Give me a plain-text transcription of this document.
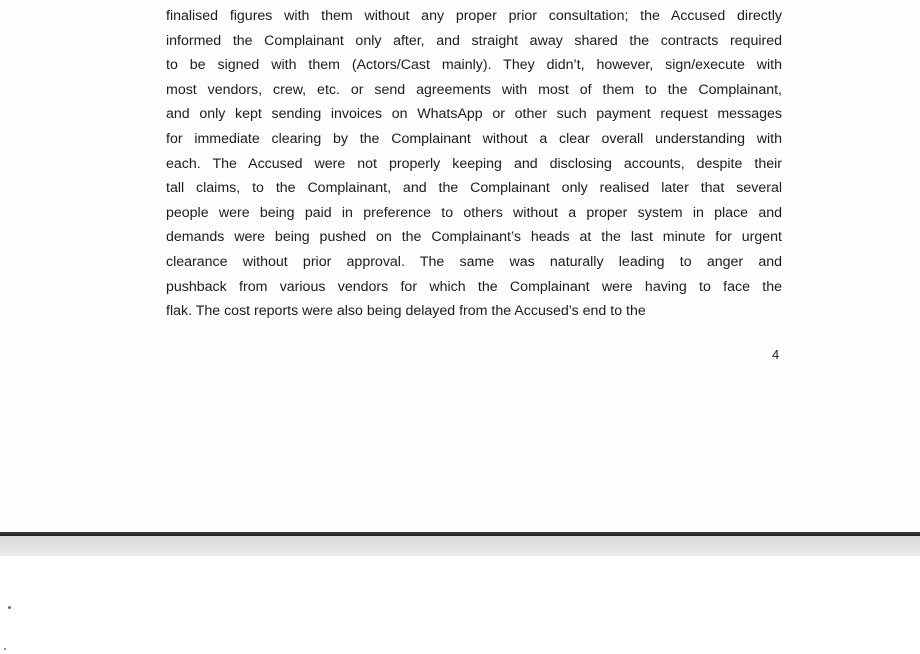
finalised figures with them without any proper prior consultation; the Accused directly
informed the Complainant only after, and straight away shared the contracts required
to be signed with them (Actors/Cast mainly). They didn’t, however, sign/execute with
most vendors, crew, etc. or send agreements with most of them to the Complainant,
and only kept sending invoices on WhatsApp or other such payment request messages
for immediate clearing by the Complainant without a clear overall understanding with
each. The Accused were not properly keeping and disclosing accounts, despite their
tall claims, to the Complainant, and the Complainant only realised later that several
people were being paid in preference to others without a proper system in place and
demands were being pushed on the Complainant’s heads at the last minute for urgent
clearance without prior approval. The same was naturally leading to anger and
pushback from various vendors for which the Complainant were having to face the
flak. The cost reports were also being delayed from the Accused’s end to the
4
